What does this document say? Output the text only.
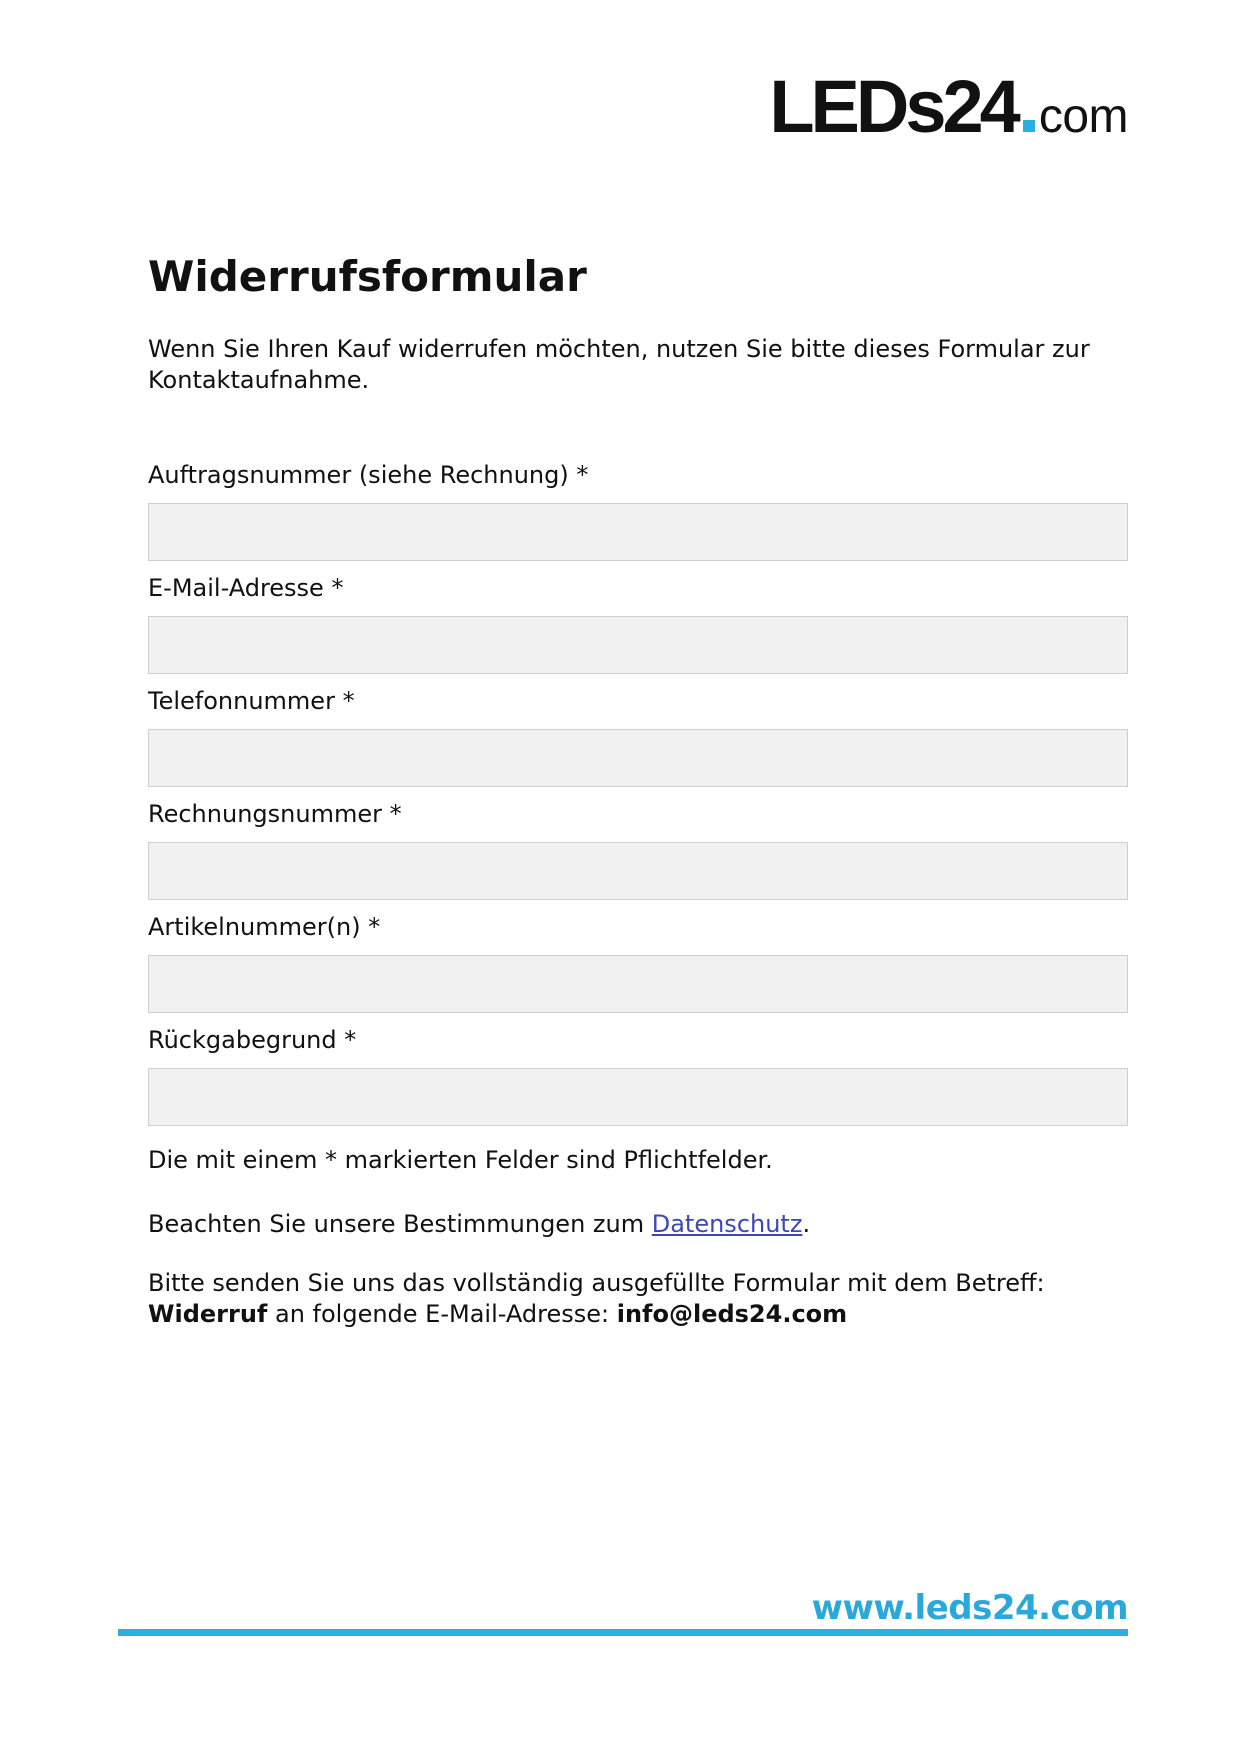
LEDs24 com
Widerrufsformular

Wenn Sie Ihren Kauf widerrufen möchten, nutzen Sie bitte dieses Formular zur Kontaktaufnahme.

Auftragsnummer (siehe Rechnung) *
E-Mail-Adresse *
Telefonnummer *
Rechnungsnummer *
Artikelnummer(n) *
Rückgabegrund *

Die mit einem * markierten Felder sind Pflichtfelder.

Beachten Sie unsere Bestimmungen zum Datenschutz.

Bitte senden Sie uns das vollständig ausgefüllte Formular mit dem Betreff: Widerruf an folgende E-Mail-Adresse: info@leds24.com

www.leds24.com
